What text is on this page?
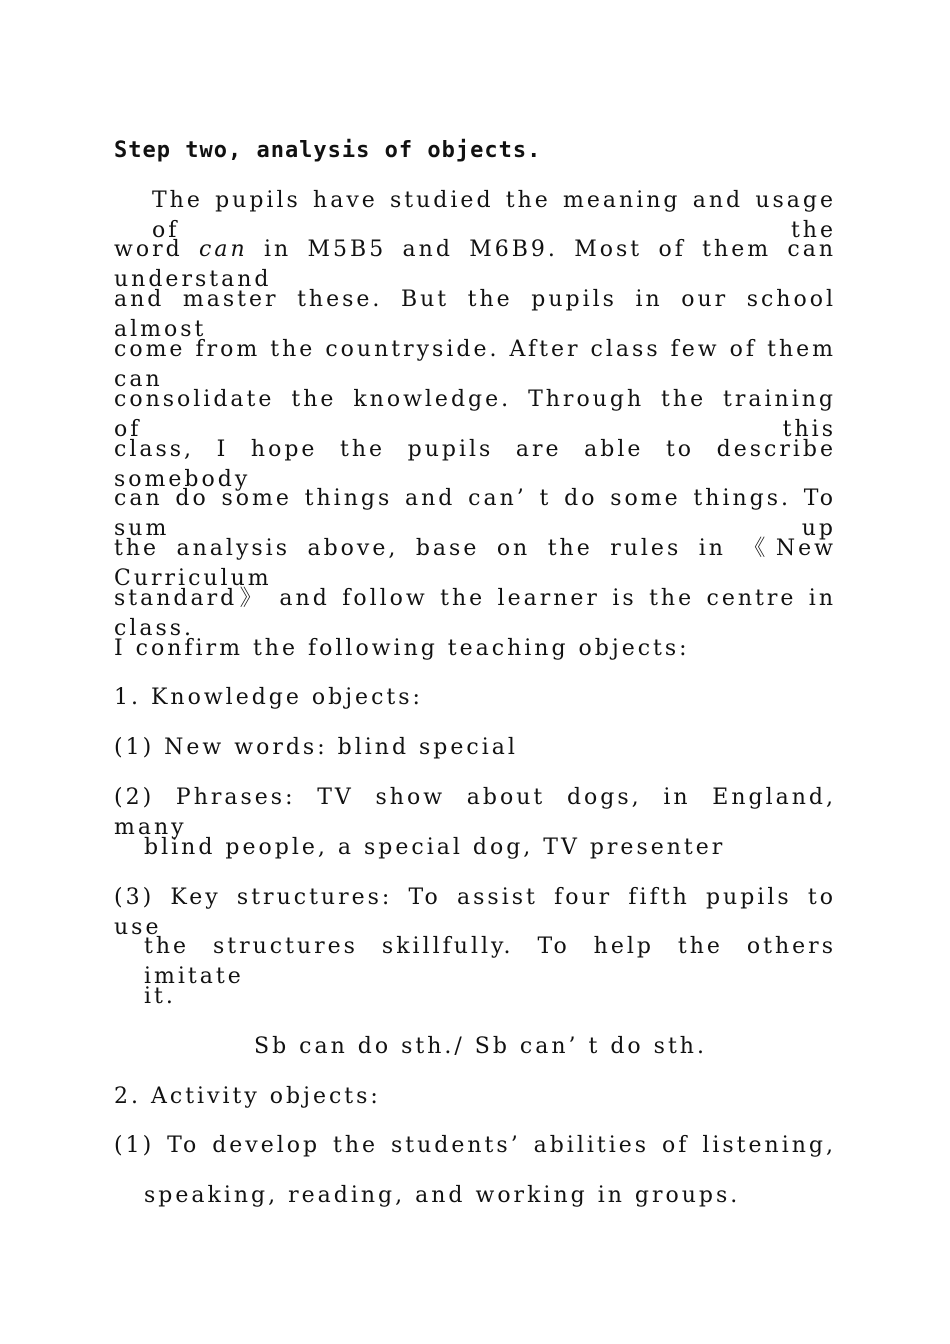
Step two, analysis of objects.
The pupils have studied the meaning and usage of the
word can in M5B5 and M6B9. Most of them can understand
and master these. But the pupils in our school almost
come from the countryside. After class few of them can
consolidate the knowledge. Through the training of this
class, I hope the pupils are able to describe somebody
can do some things and can’ t do some things. To sum up
the analysis above, base on the rules in 《New Curriculum
standard》 and follow the learner is the centre in class.
I confirm the following teaching objects:
1. Knowledge objects:
(1) New words: blind special
(2) Phrases: TV show about dogs, in England, many
blind people, a special dog, TV presenter
(3) Key structures: To assist four fifth pupils to use
the structures skillfully. To help the others imitate
it.
Sb can do sth./ Sb can’ t do sth.
2. Activity objects:
(1) To develop the students’ abilities of listening,
speaking, reading, and working in groups.
